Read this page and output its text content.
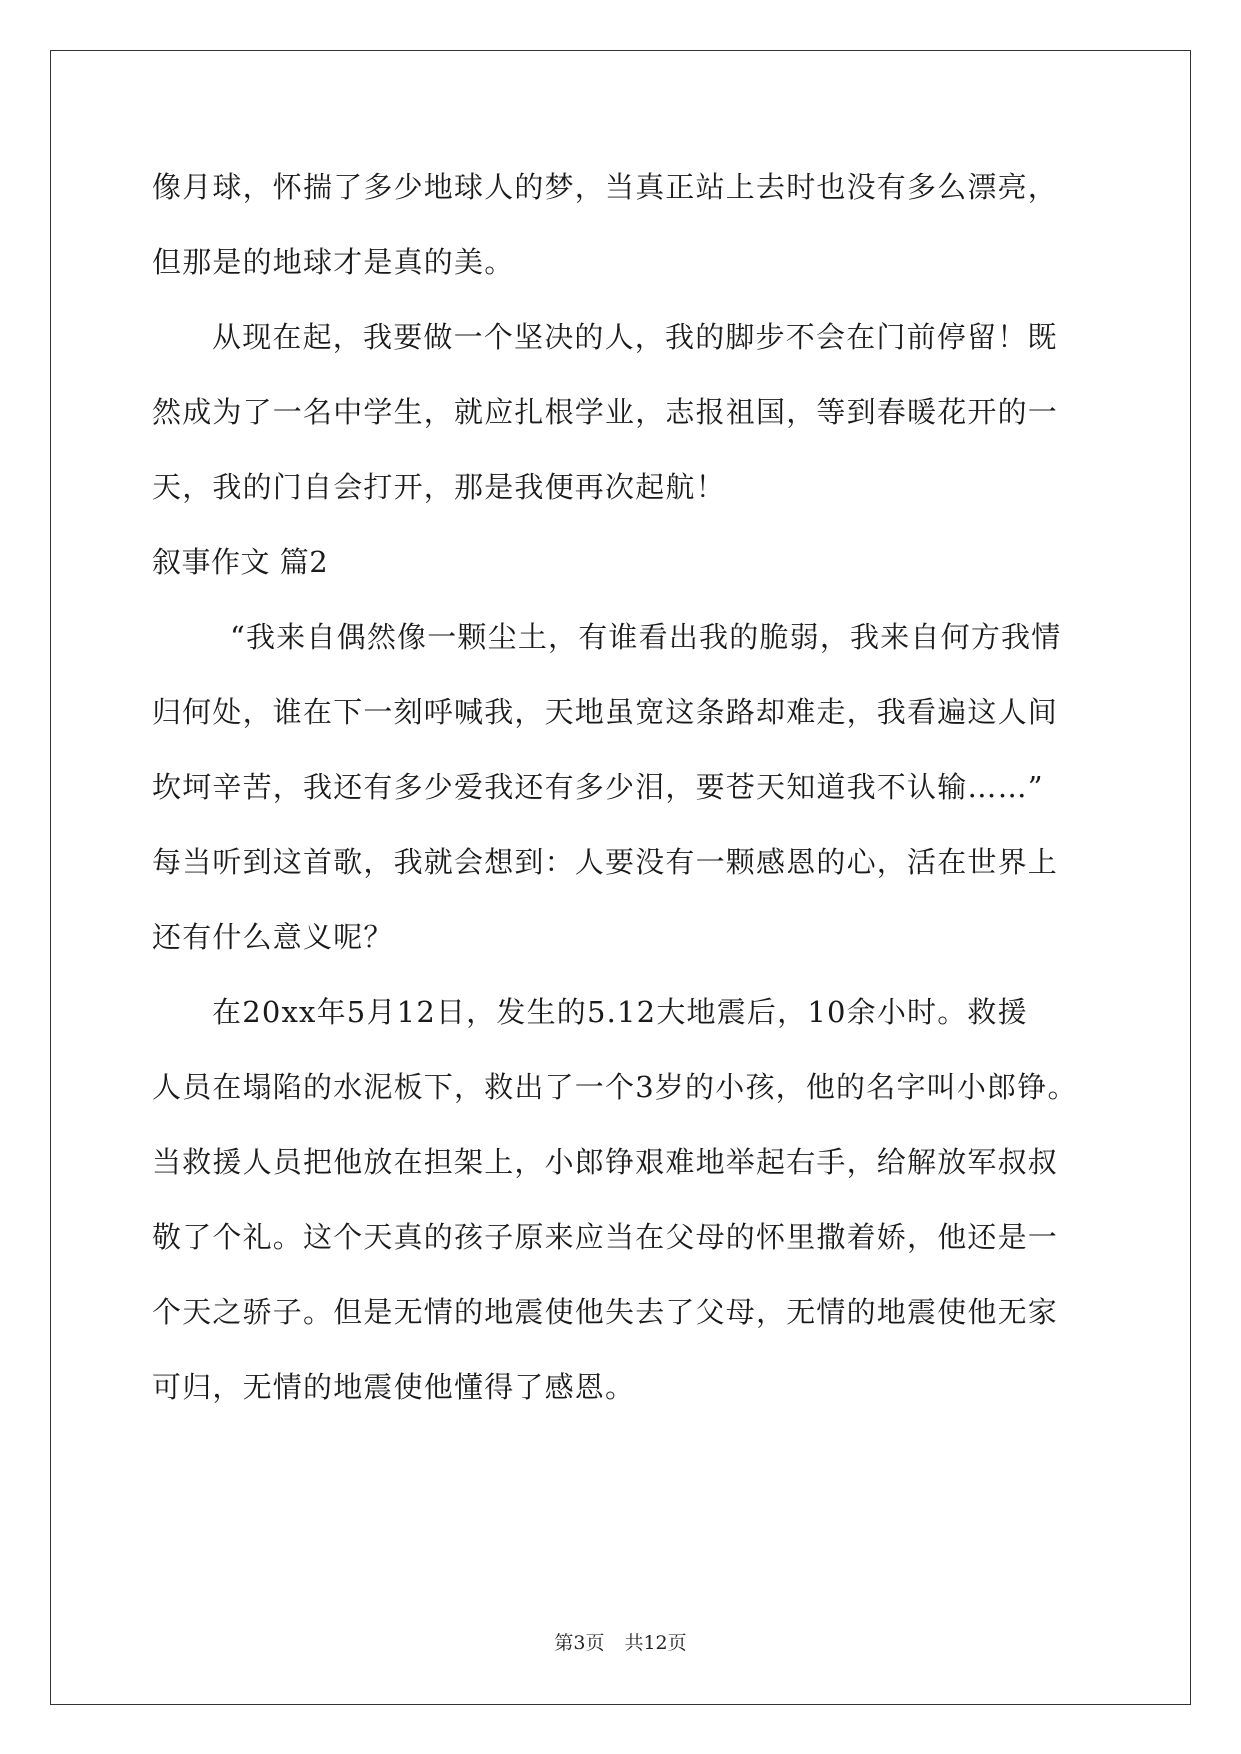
像月球，怀揣了多少地球人的梦，当真正站上去时也没有多么漂亮，
但那是的地球才是真的美。
从现在起，我要做一个坚决的人，我的脚步不会在门前停留！既
然成为了一名中学生，就应扎根学业，志报祖国，等到春暖花开的一
天，我的门自会打开，那是我便再次起航！
叙事作文 篇2
“我来自偶然像一颗尘土，有谁看出我的脆弱，我来自何方我情
归何处，谁在下一刻呼喊我，天地虽宽这条路却难走，我看遍这人间
坎坷辛苦，我还有多少爱我还有多少泪，要苍天知道我不认输……”
每当听到这首歌，我就会想到：人要没有一颗感恩的心，活在世界上
还有什么意义呢？
在20xx年5月12日，发生的5.12大地震后，10余小时。救援
人员在塌陷的水泥板下，救出了一个3岁的小孩，他的名字叫小郎铮。
当救援人员把他放在担架上，小郎铮艰难地举起右手，给解放军叔叔
敬了个礼。这个天真的孩子原来应当在父母的怀里撒着娇，他还是一
个天之骄子。但是无情的地震使他失去了父母，无情的地震使他无家
可归，无情的地震使他懂得了感恩。
第3页 共12页
